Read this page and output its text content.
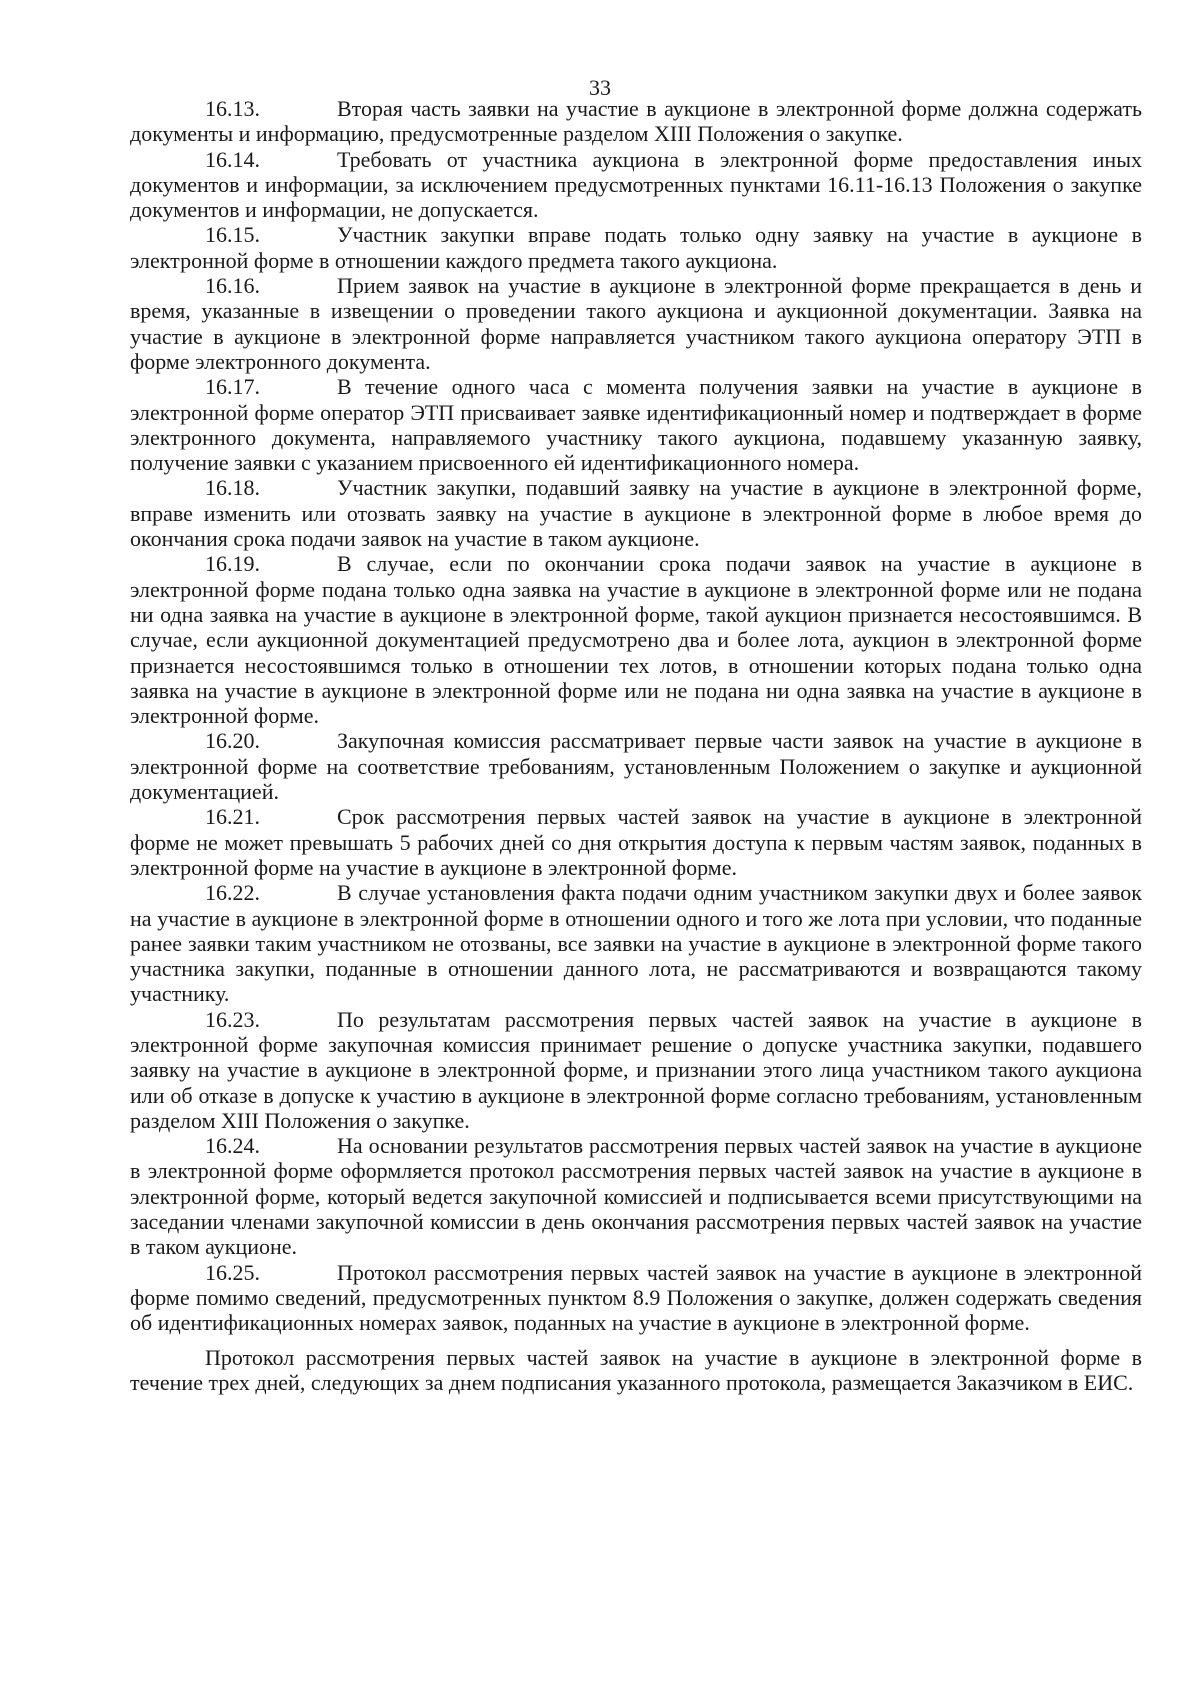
33

16.13.	Вторая часть заявки на участие в аукционе в электронной форме должна содержать документы и информацию, предусмотренные разделом XIII Положения о закупке.

16.14.	Требовать от участника аукциона в электронной форме предоставления иных документов и информации, за исключением предусмотренных пунктами 16.11-16.13 Положения о закупке документов и информации, не допускается.

16.15.	Участник закупки вправе подать только одну заявку на участие в аукционе в электронной форме в отношении каждого предмета такого аукциона.

16.16.	Прием заявок на участие в аукционе в электронной форме прекращается в день и время, указанные в извещении о проведении такого аукциона и аукционной документации. Заявка на участие в аукционе в электронной форме направляется участником такого аукциона оператору ЭТП в форме электронного документа.

16.17.	В течение одного часа с момента получения заявки на участие в аукционе в электронной форме оператор ЭТП присваивает заявке идентификационный номер и подтверждает в форме электронного документа, направляемого участнику такого аукциона, подавшему указанную заявку, получение заявки с указанием присвоенного ей идентификационного номера.

16.18.	Участник закупки, подавший заявку на участие в аукционе в электронной форме, вправе изменить или отозвать заявку на участие в аукционе в электронной форме в любое время до окончания срока подачи заявок на участие в таком аукционе.

16.19.	В случае, если по окончании срока подачи заявок на участие в аукционе в электронной форме подана только одна заявка на участие в аукционе в электронной форме или не подана ни одна заявка на участие в аукционе в электронной форме, такой аукцион признается несостоявшимся. В случае, если аукционной документацией предусмотрено два и более лота, аукцион в электронной форме признается несостоявшимся только в отношении тех лотов, в отношении которых подана только одна заявка на участие в аукционе в электронной форме или не подана ни одна заявка на участие в аукционе в электронной форме.

16.20.	Закупочная комиссия рассматривает первые части заявок на участие в аукционе в электронной форме на соответствие требованиям, установленным Положением о закупке и аукционной документацией.

16.21.	Срок рассмотрения первых частей заявок на участие в аукционе в электронной форме не может превышать 5 рабочих дней со дня открытия доступа к первым частям заявок, поданных в электронной форме на участие в аукционе в электронной форме.

16.22.	В случае установления факта подачи одним участником закупки двух и более заявок на участие в аукционе в электронной форме в отношении одного и того же лота при условии, что поданные ранее заявки таким участником не отозваны, все заявки на участие в аукционе в электронной форме такого участника закупки, поданные в отношении данного лота, не рассматриваются и возвращаются такому участнику.

16.23.	По результатам рассмотрения первых частей заявок на участие в аукционе в электронной форме закупочная комиссия принимает решение о допуске участника закупки, подавшего заявку на участие в аукционе в электронной форме, и признании этого лица участником такого аукциона или об отказе в допуске к участию в аукционе в электронной форме согласно требованиям, установленным разделом XIII Положения о закупке.

16.24.	На основании результатов рассмотрения первых частей заявок на участие в аукционе в электронной форме оформляется протокол рассмотрения первых частей заявок на участие в аукционе в электронной форме, который ведется закупочной комиссией и подписывается всеми присутствующими на заседании членами закупочной комиссии в день окончания рассмотрения первых частей заявок на участие в таком аукционе.

16.25.	Протокол рассмотрения первых частей заявок на участие в аукционе в электронной форме помимо сведений, предусмотренных пунктом 8.9 Положения о закупке, должен содержать сведения об идентификационных номерах заявок, поданных на участие в аукционе в электронной форме.

Протокол рассмотрения первых частей заявок на участие в аукционе в электронной форме в течение трех дней, следующих за днем подписания указанного протокола, размещается Заказчиком в ЕИС.
